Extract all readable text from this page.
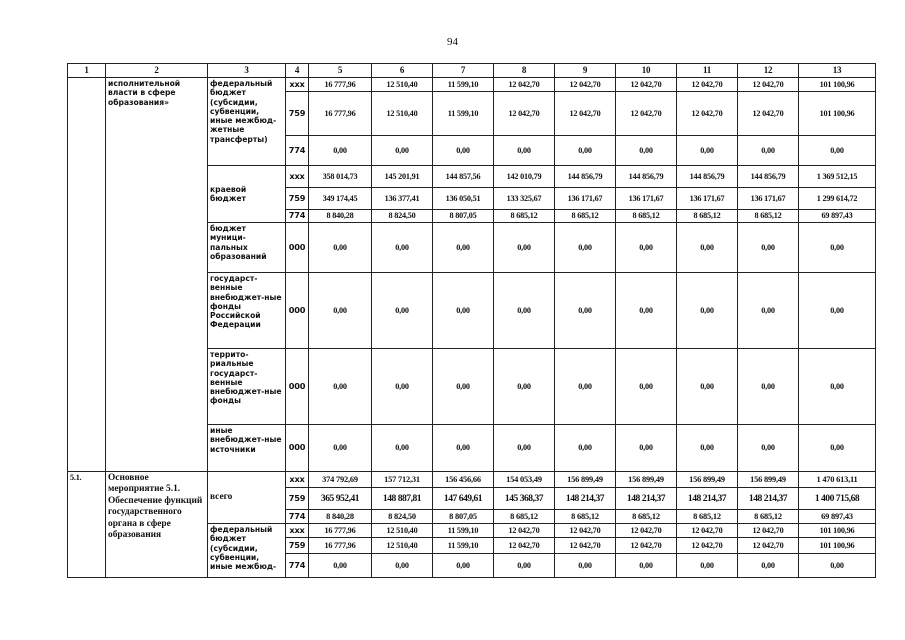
94
1	2	3	4	5	6	7	8	9	10	11	12	13
	исполнительной власти в сфере образования»	федеральный бюджет (субсидии, субвенции, иные межбюд-жетные трансферты)	xxx	16 777,96	12 510,40	11 599,10	12 042,70	12 042,70	12 042,70	12 042,70	12 042,70	101 100,96
			759	16 777,96	12 510,40	11 599,10	12 042,70	12 042,70	12 042,70	12 042,70	12 042,70	101 100,96
			774	0,00	0,00	0,00	0,00	0,00	0,00	0,00	0,00	0,00
		краевой бюджет	xxx	358 014,73	145 201,91	144 857,56	142 010,79	144 856,79	144 856,79	144 856,79	144 856,79	1 369 512,15
			759	349 174,45	136 377,41	136 050,51	133 325,67	136 171,67	136 171,67	136 171,67	136 171,67	1 299 614,72
			774	8 840,28	8 824,50	8 807,05	8 685,12	8 685,12	8 685,12	8 685,12	8 685,12	69 897,43
		бюджет муници-пальных образований	000	0,00	0,00	0,00	0,00	0,00	0,00	0,00	0,00	0,00
		государст-венные внебюджет-ные фонды Российской Федерации	000	0,00	0,00	0,00	0,00	0,00	0,00	0,00	0,00	0,00
		террито-риальные государст-венные внебюджет-ные фонды	000	0,00	0,00	0,00	0,00	0,00	0,00	0,00	0,00	0,00
		иные внебюджет-ные источники	000	0,00	0,00	0,00	0,00	0,00	0,00	0,00	0,00	0,00
5.1.	Основное мероприятие 5.1. Обеспечение функций государственного органа в сфере образования	всего	xxx	374 792,69	157 712,31	156 456,66	154 053,49	156 899,49	156 899,49	156 899,49	156 899,49	1 470 613,11
			759	365 952,41	148 887,81	147 649,61	145 368,37	148 214,37	148 214,37	148 214,37	148 214,37	1 400 715,68
			774	8 840,28	8 824,50	8 807,05	8 685,12	8 685,12	8 685,12	8 685,12	8 685,12	69 897,43
		федеральный бюджет (субсидии, субвенции, иные межбюд-	xxx	16 777,96	12 510,40	11 599,10	12 042,70	12 042,70	12 042,70	12 042,70	12 042,70	101 100,96
			759	16 777,96	12 510,40	11 599,10	12 042,70	12 042,70	12 042,70	12 042,70	12 042,70	101 100,96
			774	0,00	0,00	0,00	0,00	0,00	0,00	0,00	0,00	0,00
